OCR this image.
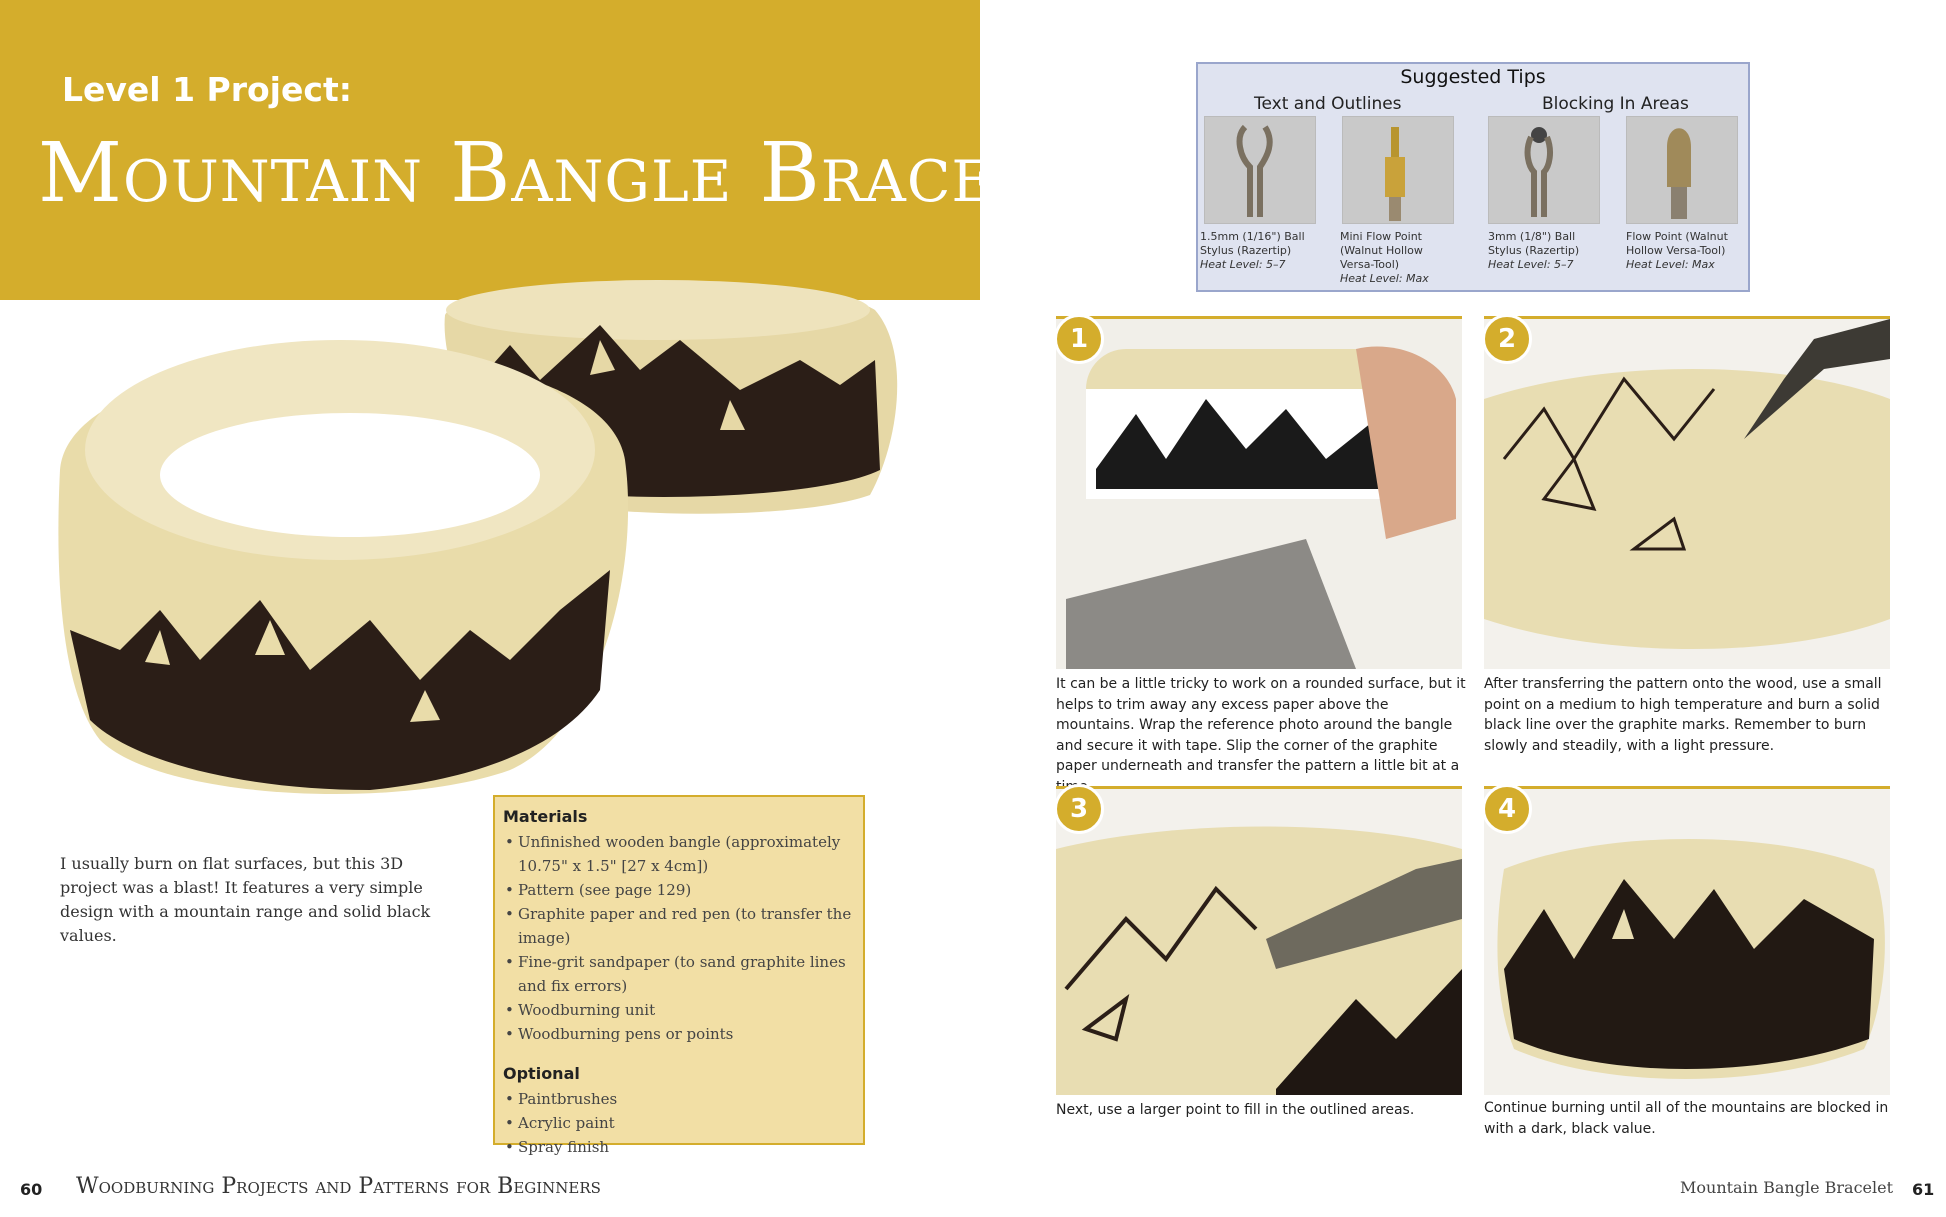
Level 1 Project:
Mountain Bangle Bracelet
I usually burn on flat surfaces, but this 3D project was a blast! It features a very simple design with a mountain range and solid black values.
Materials
• Unfinished wooden bangle (approximately 10.75" x 1.5" [27 x 4cm])
• Pattern (see page 129)
• Graphite paper and red pen (to transfer the image)
• Fine-grit sandpaper (to sand graphite lines and fix errors)
• Woodburning unit
• Woodburning pens or points
Optional
• Paintbrushes
• Acrylic paint
• Spray finish
60 Woodburning Projects and Patterns for Beginners
Suggested Tips
Text and Outlines	Blocking In Areas
1.5mm (1/16") Ball Stylus (Razertip)
Heat Level: 5–7
Mini Flow Point (Walnut Hollow Versa-Tool)
Heat Level: Max
3mm (1/8") Ball Stylus (Razertip)
Heat Level: 5–7
Flow Point (Walnut Hollow Versa-Tool)
Heat Level: Max
1
It can be a little tricky to work on a rounded surface, but it helps to trim away any excess paper above the mountains. Wrap the reference photo around the bangle and secure it with tape. Slip the corner of the graphite paper underneath and transfer the pattern a little bit at a
2
After transferring the pattern onto the wood, use a small point on a medium to high temperature and burn a solid black line over the graphite marks. Remember to burn slowly and steadily, with a light pressure.
3
Next, use a larger point to fill in the outlined areas.
4
Continue burning until all of the mountains are blocked in with a dark, black value.
Mountain Bangle Bracelet 61
